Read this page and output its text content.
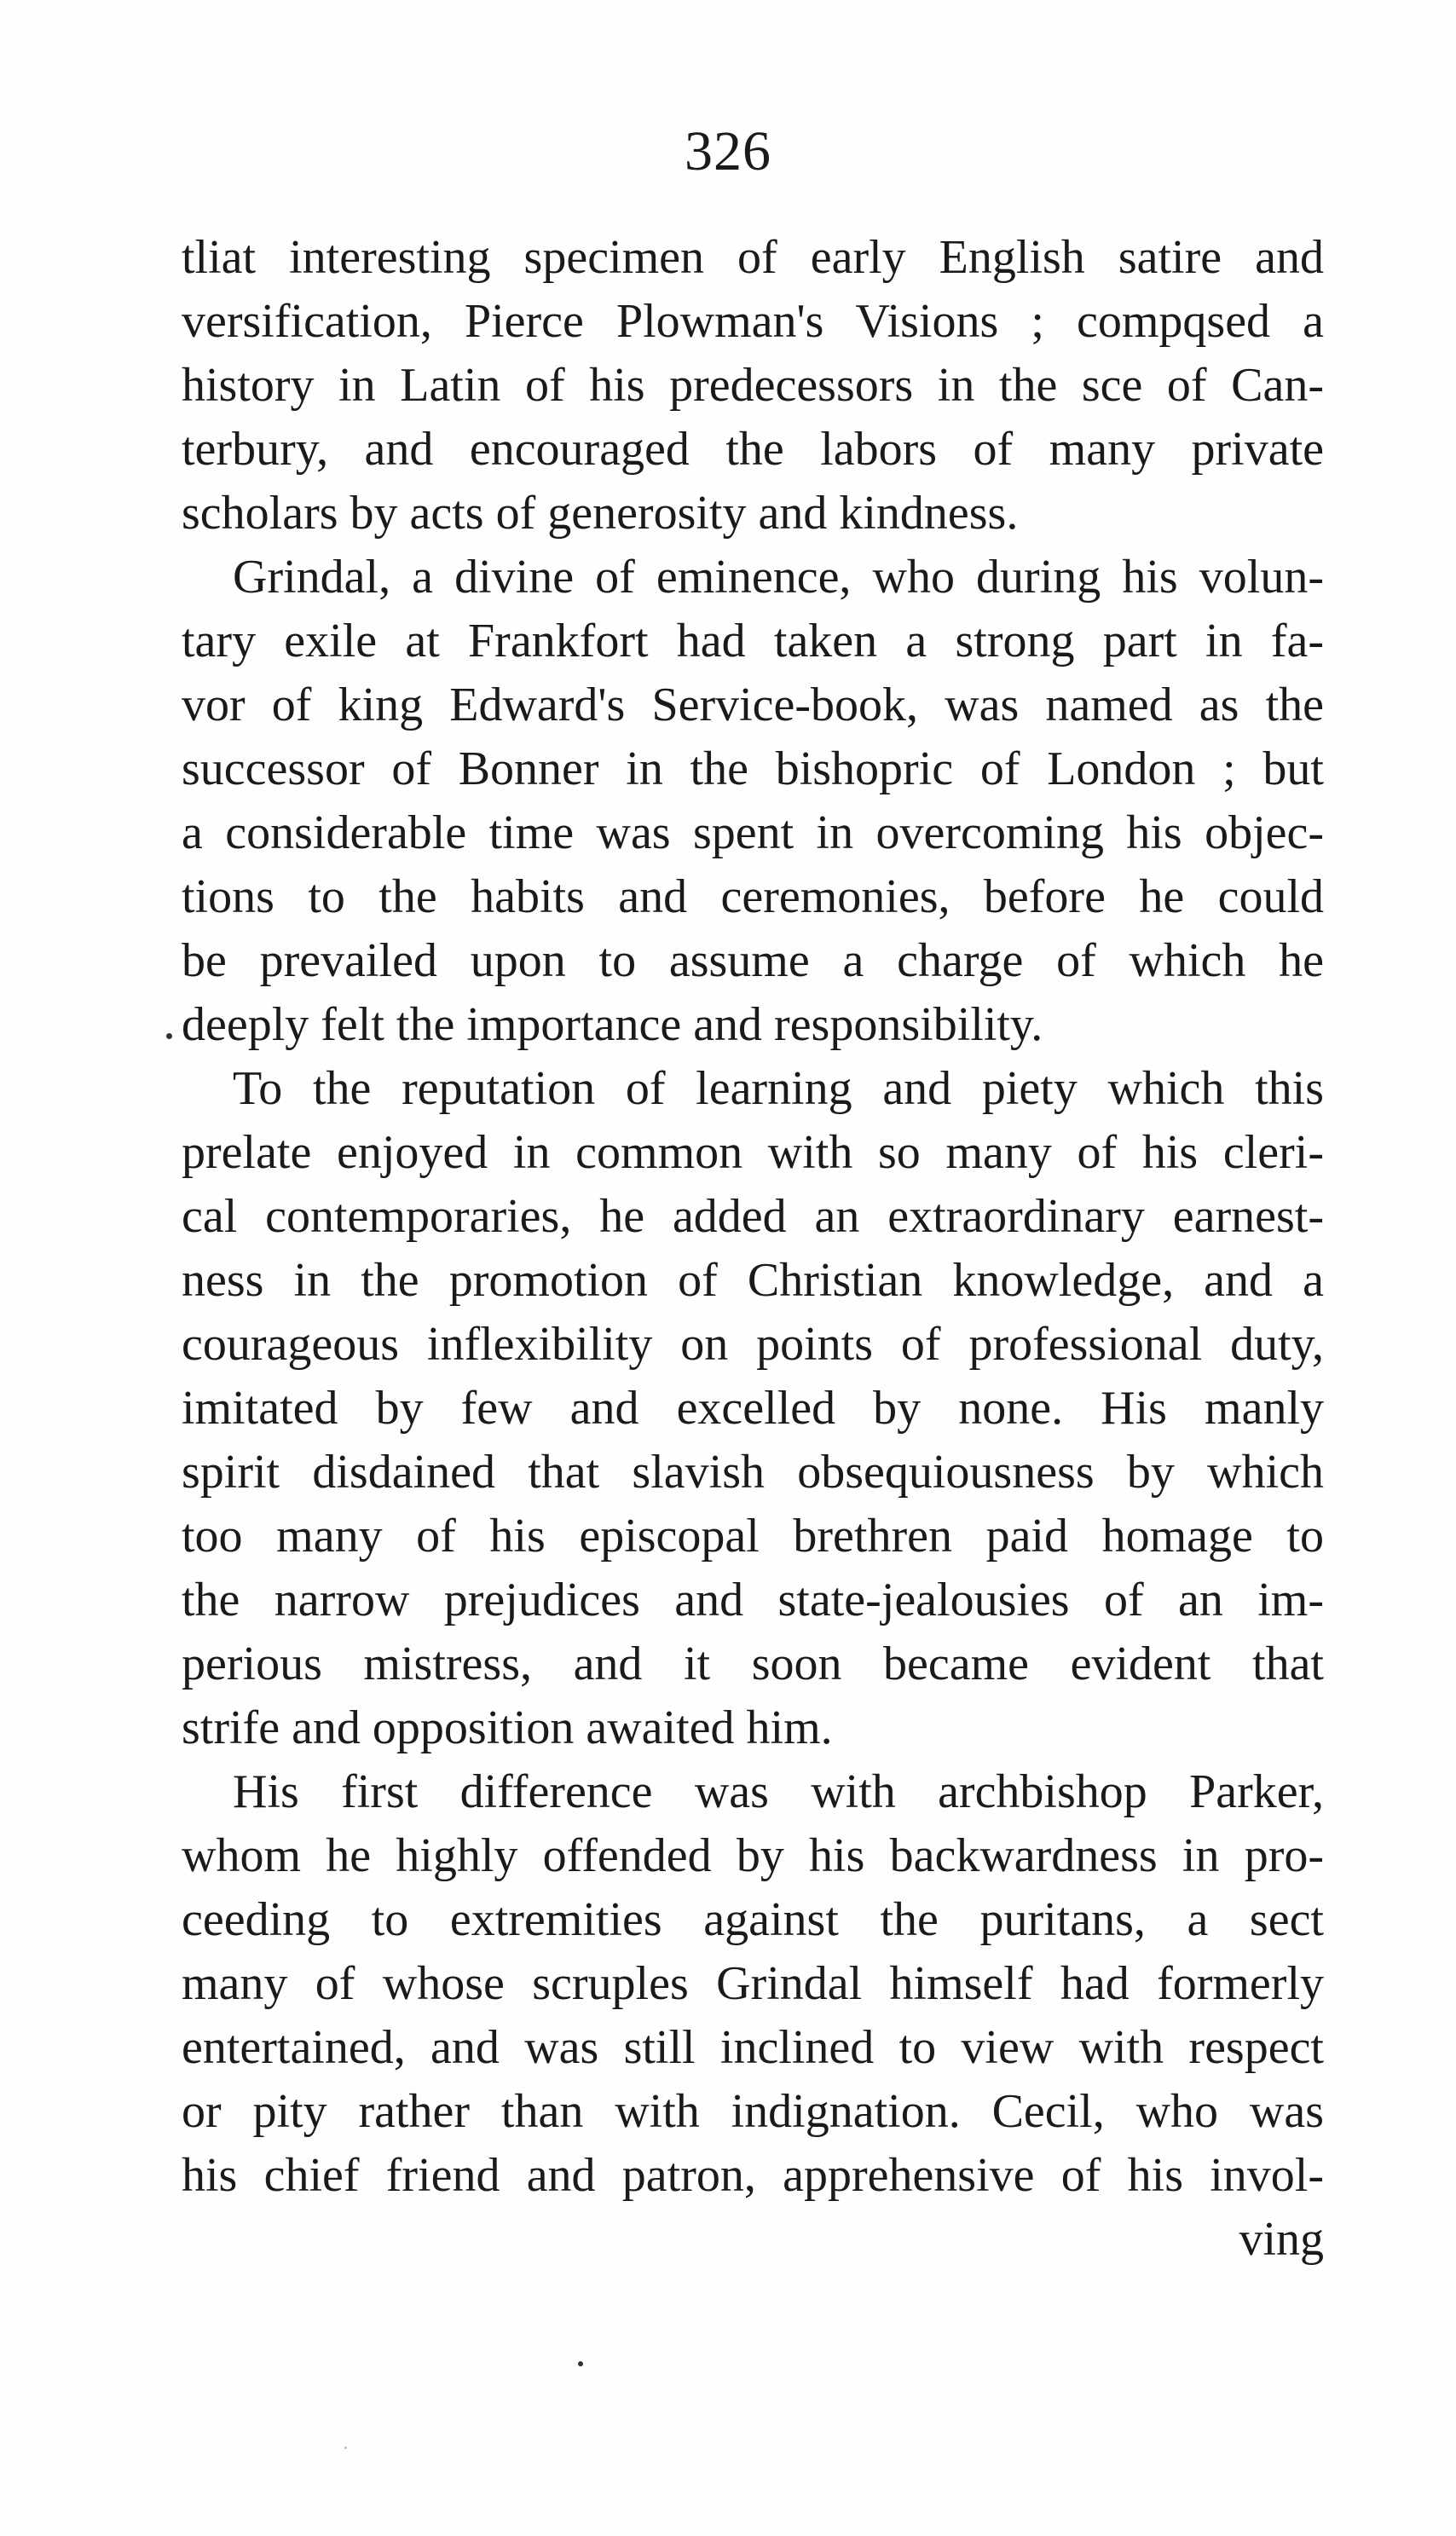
326
tliat interesting specimen of early English satire and
versification, Pierce Plowman's Visions ; compqsed a
history in Latin of his predecessors in the sce of Can-
terbury, and encouraged the labors of many private
scholars by acts of generosity and kindness.
Grindal, a divine of eminence, who during his volun-
tary exile at Frankfort had taken a strong part in fa-
vor of king Edward's Service-book, was named as the
successor of Bonner in the bishopric of London ; but
a considerable time was spent in overcoming his objec-
tions to the habits and ceremonies, before he could
be prevailed upon to assume a charge of which he
deeply felt the importance and responsibility.
To the reputation of learning and piety which this
prelate enjoyed in common with so many of his cleri-
cal contemporaries, he added an extraordinary earnest-
ness in the promotion of Christian knowledge, and a
courageous inflexibility on points of professional duty,
imitated by few and excelled by none. His manly
spirit disdained that slavish obsequiousness by which
too many of his episcopal brethren paid homage to
the narrow prejudices and state-jealousies of an im-
perious mistress, and it soon became evident that
strife and opposition awaited him.
His first difference was with archbishop Parker,
whom he highly offended by his backwardness in pro-
ceeding to extremities against the puritans, a sect
many of whose scruples Grindal himself had formerly
entertained, and was still inclined to view with respect
or pity rather than with indignation. Cecil, who was
his chief friend and patron, apprehensive of his invol-
ving
